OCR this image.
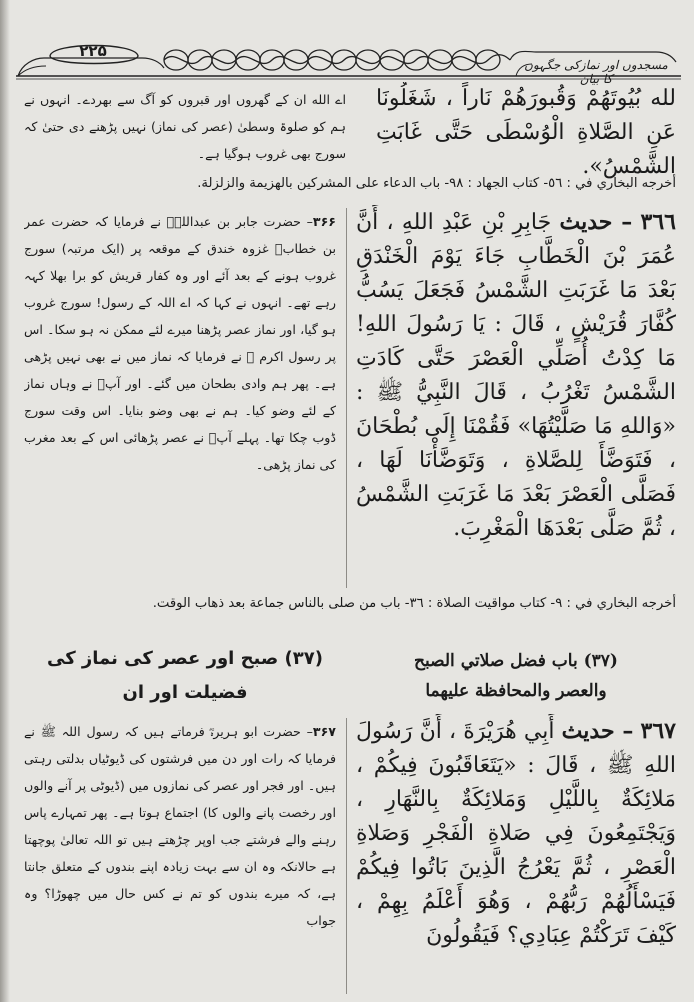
۲۲۵
مسجدوں اور نمازکی جگہوں کا بیان
لله بُيُوتَهُمْ وَقُبورَهُمْ نَاراً ، شَغَلُونَا عَنِ الصَّلاةِ الْوُسْطَى حَتَّى غَابَتِ الشَّمْسُ».
اے الله ان کے گھروں اور قبروں کو آگ سے بھردے۔ انہوں نے ہم کو صلوۃ وسطیٰ (عصر کی نماز) نہیں پڑھنے دی حتیٰ کہ سورج بھی غروب ہوگیا ہے۔
أخرجه البخاري في : ٥٦- كتاب الجهاد : ٩٨- باب الدعاء على المشركين بالهزيمة والزلزلة.
٣٦٦ – حديث جَابِرِ بْنِ عَبْدِ اللهِ ، أَنَّ عُمَرَ بْنَ الْخَطَّابِ جَاءَ يَوْمَ الْخَنْدَقِ بَعْدَ مَا غَرَبَتِ الشَّمْسُ فَجَعَلَ يَسُبُّ كُفَّارَ قُرَيْشٍ ، قَالَ : يَا رَسُولَ اللهِ! مَا كِدْتُ أُصَلِّي الْعَصْرَ حَتَّى كَادَتِ الشَّمْسُ تَغْرُبُ ، قَالَ النَّبِيُّ ﷺ : «وَاللهِ مَا صَلَّيْتُهَا» فَقُمْنَا إِلَى بُطْحَانَ ، فَتَوَضَّأَ لِلصَّلاةِ ، وَتَوَضَّأْنَا لَهَا ، فَصَلَّى الْعَصْرَ بَعْدَ مَا غَرَبَتِ الشَّمْسُ ، ثُمَّ صَلَّى بَعْدَهَا الْمَغْرِبَ.
۳۶۶– حضرت جابر بن عبداللہؓ نے فرمایا کہ حضرت عمر بن خطابؓ غزوہ خندق کے موقعہ پر (ایک مرتبہ) سورج غروب ہونے کے بعد آئے اور وہ کفار قریش کو برا بھلا کہہ رہے تھے۔ انہوں نے کہا کہ اے اللہ کے رسول! سورج غروب ہو گیا، اور نماز عصر پڑھنا میرے لئے ممکن نہ ہو سکا۔ اس پر رسول اکرم ﷺ نے فرمایا کہ نماز میں نے بھی نہیں پڑھی ہے۔ پھر ہم وادی بطحان میں گئے۔ اور آپؐ نے وہاں نماز کے لئے وضو کیا۔ ہم نے بھی وضو بنایا۔ اس وقت سورج ڈوب چکا تھا۔ پہلے آپؐ نے عصر پڑھائی اس کے بعد مغرب کی نماز پڑھی۔
أخرجه البخاري في : ٩- كتاب مواقيت الصلاة : ٣٦- باب من صلى بالناس جماعة بعد ذهاب الوقت.
(٣٧) باب فضل صلاتي الصبح
والعصر والمحافظة عليهما
(۳۷) صبح اور عصر کی نماز کی فضیلت اور ان
٣٦٧ – حديث أَبِي هُرَيْرَةَ ، أَنَّ رَسُولَ اللهِ ﷺ ، قَالَ : «يَتَعَاقَبُونَ فِيكُمْ ، مَلائِكَةٌ بِاللَّيْلِ وَمَلائِكَةٌ بِالنَّهَارِ ، وَيَجْتَمِعُونَ فِي صَلاةِ الْفَجْرِ وَصَلاةِ الْعَصْرِ ، ثُمَّ يَعْرُجُ الَّذِينَ بَاتُوا فِيكُمْ فَيَسْأَلُهُمْ رَبُّهُمْ ، وَهُوَ أَعْلَمُ بِهِمْ ، كَيْفَ تَرَكْتُمْ عِبَادِي؟ فَيَقُولُونَ
۳۶۷– حضرت ابو ہریرہؓ فرماتے ہیں کہ رسول اللہ ﷺ نے فرمایا کہ رات اور دن میں فرشتوں کی ڈیوٹیاں بدلتی رہتی ہیں۔ اور فجر اور عصر کی نمازوں میں (ڈیوٹی پر آنے والوں اور رخصت پانے والوں کا) اجتماع ہوتا ہے۔ پھر تمہارے پاس رہنے والے فرشتے جب اوپر چڑھتے ہیں تو اللہ تعالیٰ پوچھتا ہے حالانکہ وہ ان سے بہت زیادہ اپنے بندوں کے متعلق جانتا ہے، کہ میرے بندوں کو تم نے کس حال میں چھوڑا؟ وہ جواب
